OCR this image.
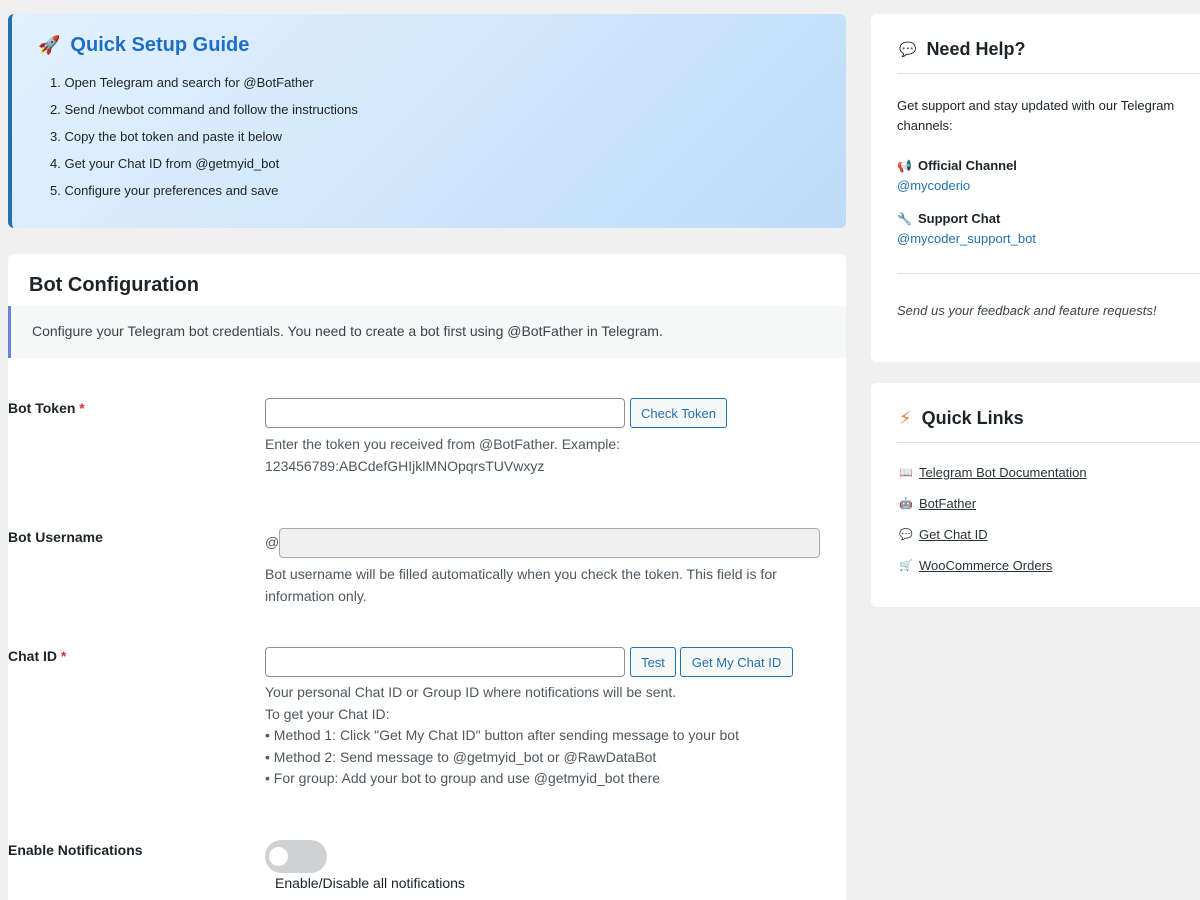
🚀 Quick Setup Guide
1. Open Telegram and search for @BotFather
2. Send /newbot command and follow the instructions
3. Copy the bot token and paste it below
4. Get your Chat ID from @getmyid_bot
5. Configure your preferences and save
Bot Configuration
Configure your Telegram bot credentials. You need to create a bot first using @BotFather in Telegram.
Bot Token *	Check Token
Enter the token you received from @BotFather. Example:
123456789:ABCdefGHIjklMNOpqrsTUVwxyz
Bot Username	@
Bot username will be filled automatically when you check the token. This field is for
information only.
Chat ID *	Test	Get My Chat ID
Your personal Chat ID or Group ID where notifications will be sent.
To get your Chat ID:
• Method 1: Click "Get My Chat ID" button after sending message to your bot
• Method 2: Send message to @getmyid_bot or @RawDataBot
• For group: Add your bot to group and use @getmyid_bot there
Enable Notifications
Enable/Disable all notifications
💬 Need Help?
Get support and stay updated with our Telegram channels:
📢 Official Channel
@mycoderio
🔧 Support Chat
@mycoder_support_bot
Send us your feedback and feature requests!
⚡ Quick Links
📖 Telegram Bot Documentation
🤖 BotFather
💬 Get Chat ID
🛒 WooCommerce Orders
